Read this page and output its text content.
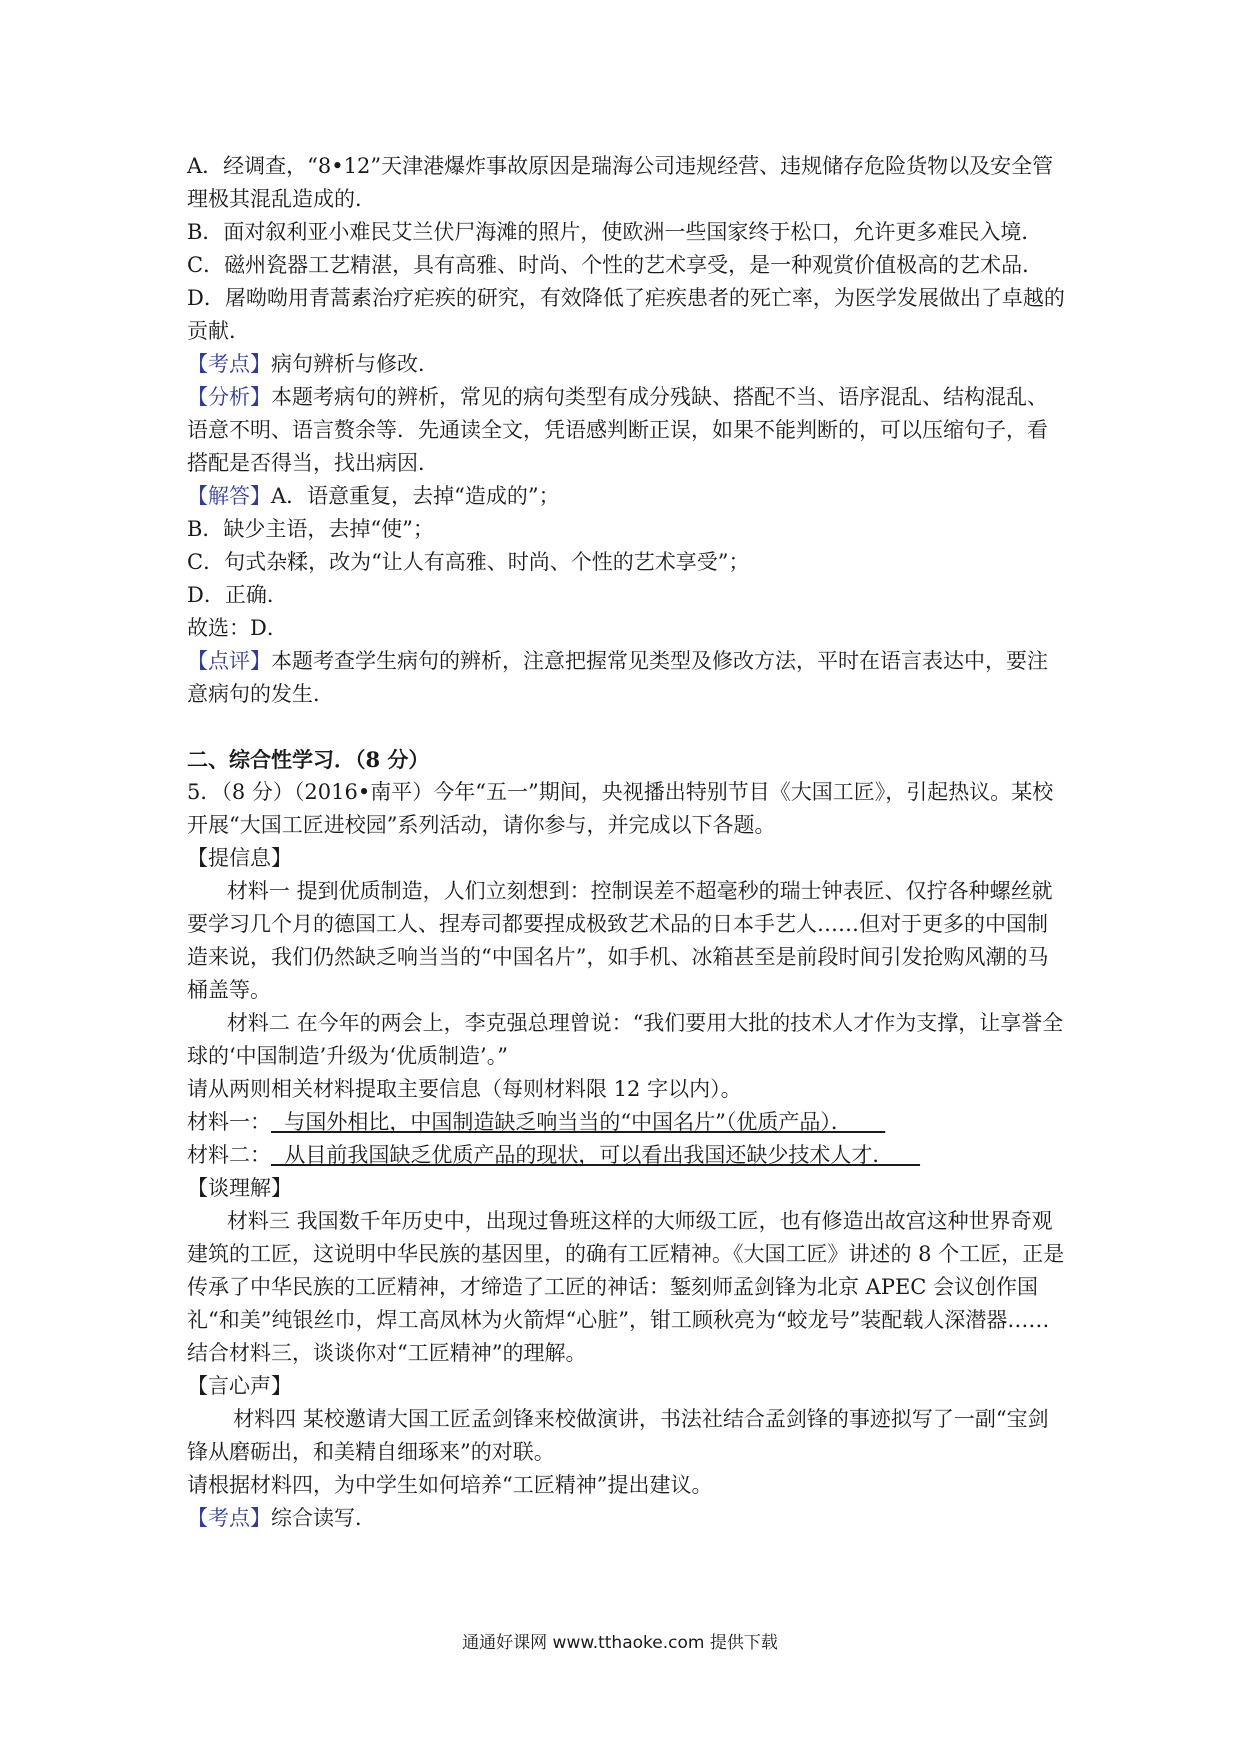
A．经调查，“8•12”天津港爆炸事故原因是瑞海公司违规经营、违规储存危险货物以及安全管理极其混乱造成的．

B．面对叙利亚小难民艾兰伏尸海滩的照片，使欧洲一些国家终于松口，允许更多难民入境．

C．磁州瓷器工艺精湛，具有高雅、时尚、个性的艺术享受，是一种观赏价值极高的艺术品．

D．屠呦呦用青蒿素治疗疟疾的研究，有效降低了疟疾患者的死亡率，为医学发展做出了卓越的贡献．

【考点】病句辨析与修改．

【分析】本题考病句的辨析，常见的病句类型有成分残缺、搭配不当、语序混乱、结构混乱、语意不明、语言赘余等．先通读全文，凭语感判断正误，如果不能判断的，可以压缩句子，看搭配是否得当，找出病因．

【解答】A．语意重复，去掉“造成的”；

B．缺少主语，去掉“使”；

C．句式杂糅，改为“让人有高雅、时尚、个性的艺术享受”；

D．正确．

故选：D．

【点评】本题考查学生病句的辨析，注意把握常见类型及修改方法，平时在语言表达中，要注意病句的发生．

二、综合性学习．（8 分）

5．（8 分）（2016•南平）今年“五一”期间，央视播出特别节目《大国工匠》，引起热议。某校开展“大国工匠进校园”系列活动，请你参与，并完成以下各题。

【提信息】

材料一 提到优质制造，人们立刻想到：控制误差不超毫秒的瑞士钟表匠、仅拧各种螺丝就要学习几个月的德国工人、捏寿司都要捏成极致艺术品的日本手艺人……但对于更多的中国制造来说，我们仍然缺乏响当当的“中国名片”，如手机、冰箱甚至是前段时间引发抢购风潮的马桶盖等。

材料二 在今年的两会上，李克强总理曾说：“我们要用大批的技术人才作为支撑，让享誉全球的‘中国制造’升级为‘优质制造’。”

请从两则相关材料提取主要信息（每则材料限 12 字以内）。

材料一：  与国外相比，中国制造缺乏响当当的“中国名片”（优质产品）．

材料二：  从目前我国缺乏优质产品的现状，可以看出我国还缺少技术人才．

【谈理解】

材料三 我国数千年历史中，出现过鲁班这样的大师级工匠，也有修造出故宫这种世界奇观建筑的工匠，这说明中华民族的基因里，的确有工匠精神。《大国工匠》讲述的 8 个工匠，正是传承了中华民族的工匠精神，才缔造了工匠的神话：錾刻师孟剑锋为北京 APEC 会议创作国礼“和美”纯银丝巾，焊工高凤林为火箭焊“心脏”，钳工顾秋亮为“蛟龙号”装配载人深潜器……

结合材料三，谈谈你对“工匠精神”的理解。

【言心声】

材料四 某校邀请大国工匠孟剑锋来校做演讲，书法社结合孟剑锋的事迹拟写了一副“宝剑锋从磨砺出，和美精自细琢来”的对联。

请根据材料四，为中学生如何培养“工匠精神”提出建议。

【考点】综合读写．

通通好课网 www.tthaoke.com 提供下载
